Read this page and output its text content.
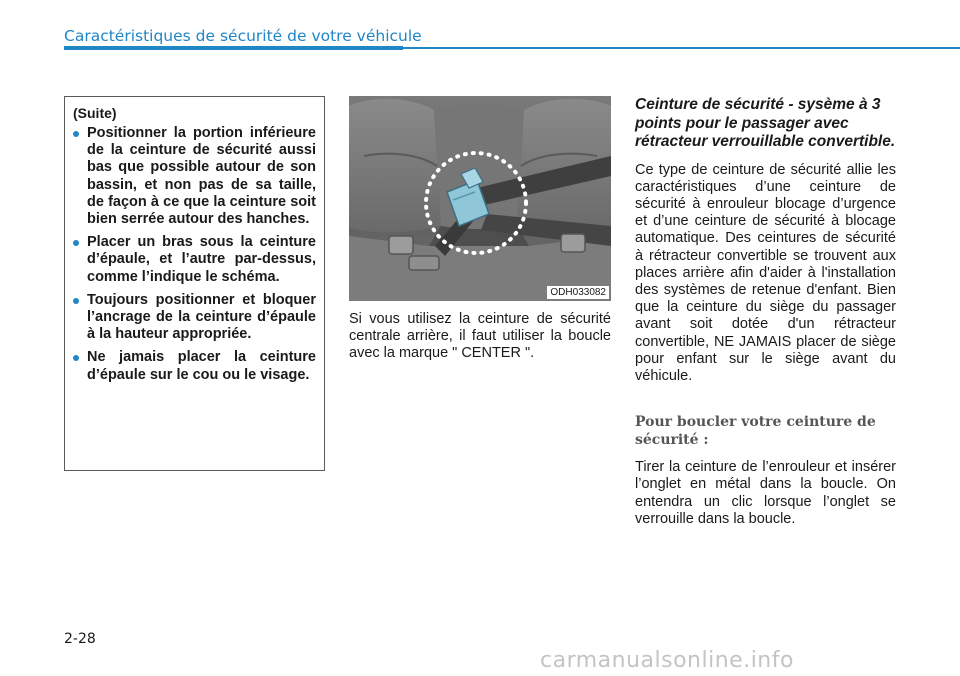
Caractéristiques de sécurité de votre véhicule

(Suite)

Positionner la portion inférieure de la ceinture de sécurité aussi bas que possible autour de son bassin, et non pas de sa taille, de façon à ce que la ceinture soit bien serrée autour des hanches.
Placer un bras sous la ceinture d’épaule, et l’autre par-dessus, comme l’indique le schéma.
Toujours positionner et bloquer l’ancrage de la ceinture d’épaule à la hauteur appropriée.
Ne jamais placer la ceinture d’épaule sur le cou ou le visage.
ODH033082

Si vous utilisez la ceinture de sécurité centrale arrière, il faut utiliser la boucle avec la marque " CENTER ".

Ceinture de sécurité - sysème à 3 points pour le passager avec rétracteur verrouillable convertible.

Ce type de ceinture de sécurité allie les caractéristiques d’une ceinture de sécurité à enrouleur blocage d’urgence et d’une ceinture de sécurité à blocage automatique. Des ceintures de sécurité à rétracteur convertible se trouvent aux places arrière afin d'aider à l'installation des systèmes de retenue d'enfant. Bien que la ceinture du siège du passager avant soit dotée d'un rétracteur convertible, NE JAMAIS placer de siège pour enfant sur le siège avant du véhicule.

Pour boucler votre ceinture de sécurité :

Tirer la ceinture de l’enrouleur et insérer l’onglet en métal dans la boucle. On entendra un clic lorsque l’onglet se verrouille dans la boucle.

2-28
carmanualsonline.info
